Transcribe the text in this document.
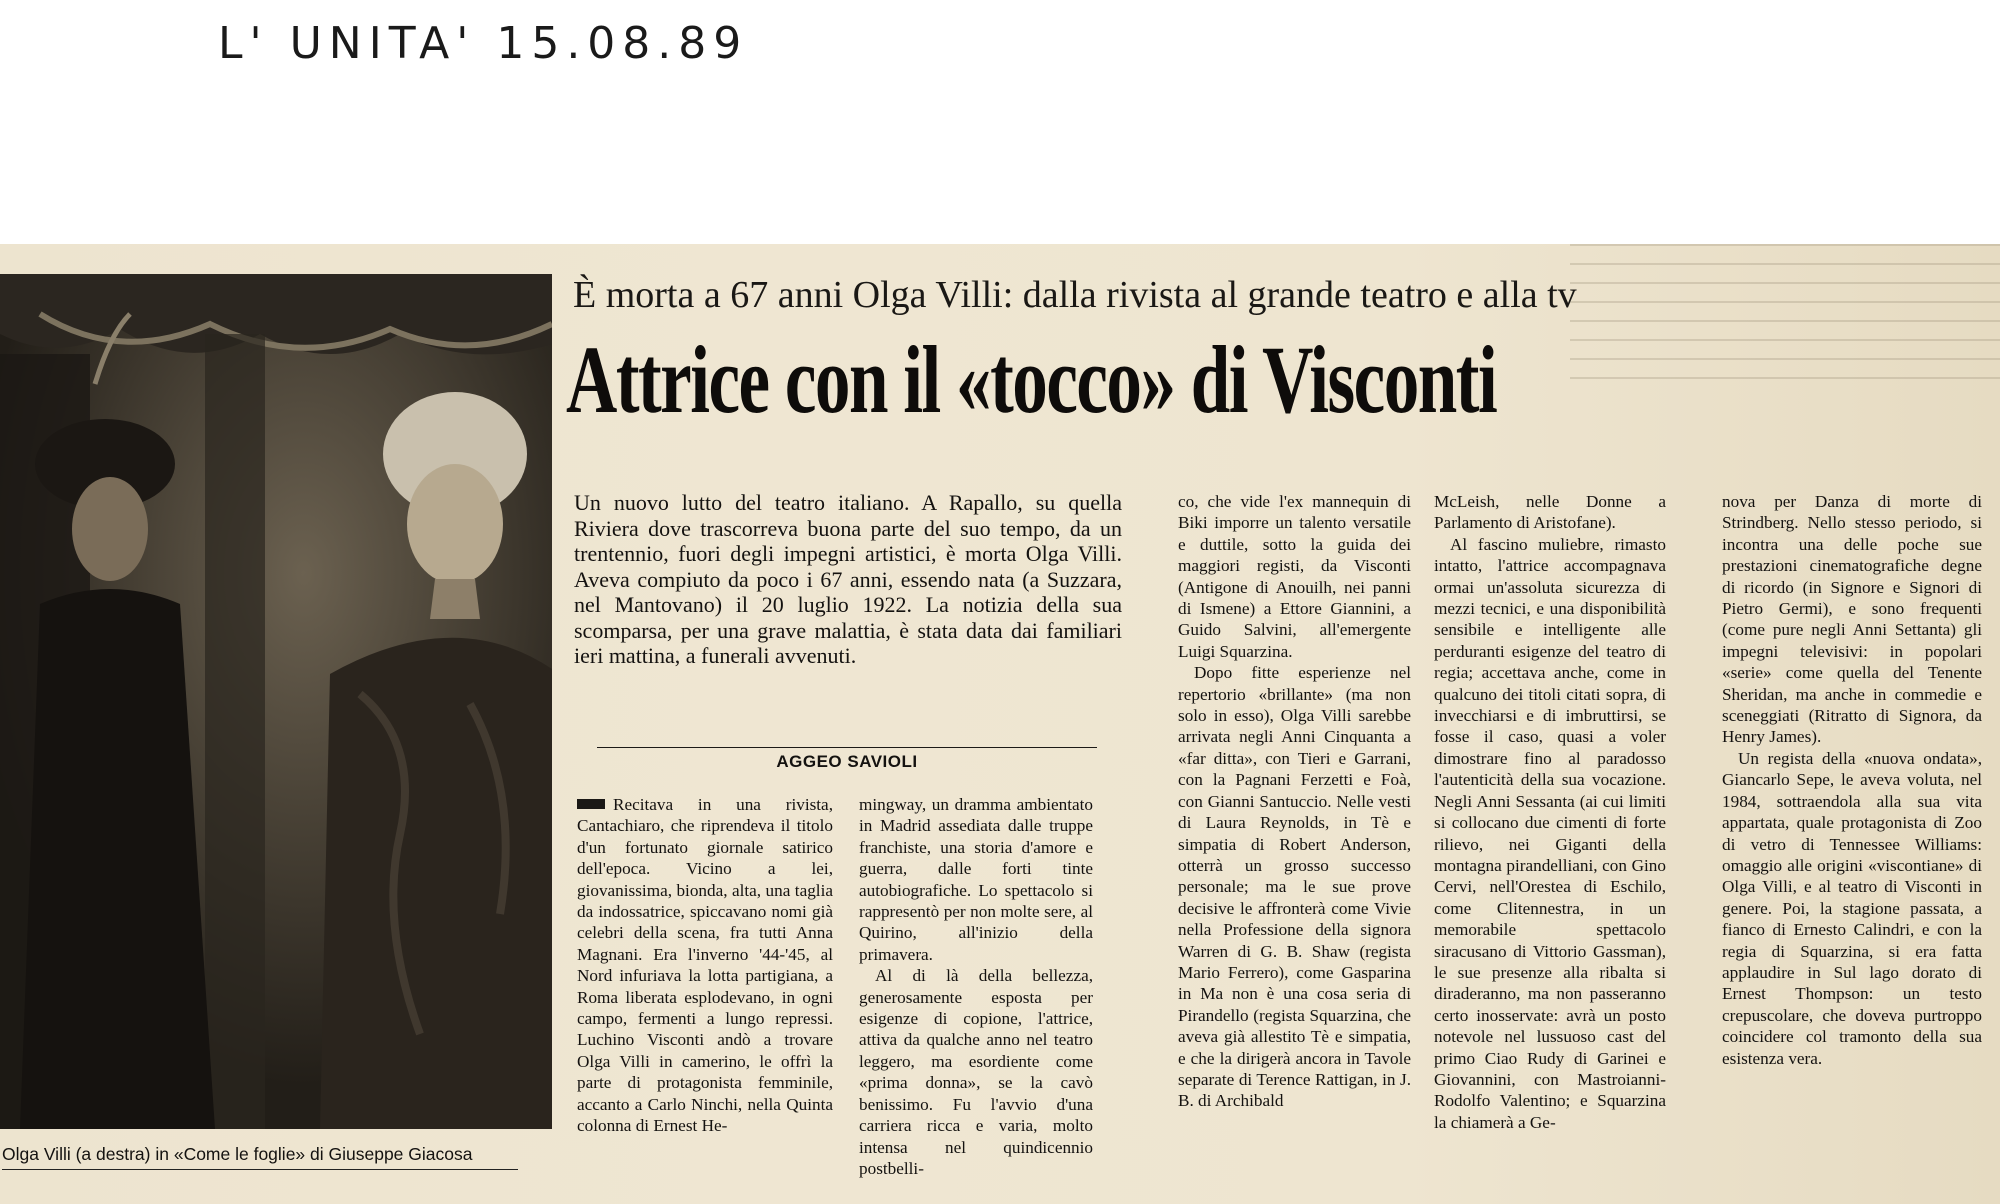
L' UNITA' 15.08.89
Olga Villi (a destra) in «Come le foglie» di Giuseppe Giacosa
È morta a 67 anni Olga Villi: dalla rivista al grande teatro e alla tv
Attrice con il «tocco» di Visconti
Un nuovo lutto del teatro italiano. A Rapallo, su quella Riviera dove trascorreva buona parte del suo tempo, da un trentennio, fuori degli impegni artistici, è morta Olga Villi. Aveva compiuto da poco i 67 anni, essendo nata (a Suzzara, nel Mantovano) il 20 luglio 1922. La notizia della sua scomparsa, per una grave malattia, è stata data dai familiari ieri mattina, a funerali avvenuti.
AGGEO SAVIOLI

Recitava in una rivista, Cantachiaro, che riprendeva il titolo d'un fortunato giornale satirico dell'epoca. Vicino a lei, giovanissima, bionda, alta, una taglia da indossatrice, spiccavano nomi già celebri della scena, fra tutti Anna Magnani. Era l'inverno '44-'45, al Nord infuriava la lotta partigiana, a Roma liberata esplodevano, in ogni campo, fermenti a lungo repressi. Luchino Visconti andò a trovare Olga Villi in camerino, le offrì la parte di protagonista femminile, accanto a Carlo Ninchi, nella Quinta colonna di Ernest He-

mingway, un dramma ambientato in Madrid assediata dalle truppe franchiste, una storia d'amore e guerra, dalle forti tinte autobiografiche. Lo spettacolo si rappresentò per non molte sere, al Quirino, all'inizio della primavera.

Al di là della bellezza, generosamente esposta per esigenze di copione, l'attrice, attiva da qualche anno nel teatro leggero, ma esordiente come «prima donna», se la cavò benissimo. Fu l'avvio d'una carriera ricca e varia, molto intensa nel quindicennio postbelli-

co, che vide l'ex mannequin di Biki imporre un talento versatile e duttile, sotto la guida dei maggiori registi, da Visconti (Antigone di Anouilh, nei panni di Ismene) a Ettore Giannini, a Guido Salvini, all'emergente Luigi Squarzina.

Dopo fitte esperienze nel repertorio «brillante» (ma non solo in esso), Olga Villi sarebbe arrivata negli Anni Cinquanta a «far ditta», con Tieri e Garrani, con la Pagnani Ferzetti e Foà, con Gianni Santuccio. Nelle vesti di Laura Reynolds, in Tè e simpatia di Robert Anderson, otterrà un grosso successo personale; ma le sue prove decisive le affronterà come Vivie nella Professione della signora Warren di G. B. Shaw (regista Mario Ferrero), come Gasparina in Ma non è una cosa seria di Pirandello (regista Squarzina, che aveva già allestito Tè e simpatia, e che la dirigerà ancora in Tavole separate di Terence Rattigan, in J. B. di Archibald

McLeish, nelle Donne a Parlamento di Aristofane).

Al fascino muliebre, rimasto intatto, l'attrice accompagnava ormai un'assoluta sicurezza di mezzi tecnici, e una disponibilità sensibile e intelligente alle perduranti esigenze del teatro di regia; accettava anche, come in qualcuno dei titoli citati sopra, di invecchiarsi e di imbruttirsi, se fosse il caso, quasi a voler dimostrare fino al paradosso l'autenticità della sua vocazione. Negli Anni Sessanta (ai cui limiti si collocano due cimenti di forte rilievo, nei Giganti della montagna pirandelliani, con Gino Cervi, nell'Orestea di Eschilo, come Clitennestra, in un memorabile spettacolo siracusano di Vittorio Gassman), le sue presenze alla ribalta si diraderanno, ma non passeranno certo inosservate: avrà un posto notevole nel lussuoso cast del primo Ciao Rudy di Garinei e Giovannini, con Mastroianni-Rodolfo Valentino; e Squarzina la chiamerà a Ge-

nova per Danza di morte di Strindberg. Nello stesso periodo, si incontra una delle poche sue prestazioni cinematografiche degne di ricordo (in Signore e Signori di Pietro Germi), e sono frequenti (come pure negli Anni Settanta) gli impegni televisivi: in popolari «serie» come quella del Tenente Sheridan, ma anche in commedie e sceneggiati (Ritratto di Signora, da Henry James).

Un regista della «nuova ondata», Giancarlo Sepe, le aveva voluta, nel 1984, sottraendola alla sua vita appartata, quale protagonista di Zoo di vetro di Tennessee Williams: omaggio alle origini «viscontiane» di Olga Villi, e al teatro di Visconti in genere. Poi, la stagione passata, a fianco di Ernesto Calindri, e con la regia di Squarzina, si era fatta applaudire in Sul lago dorato di Ernest Thompson: un testo crepuscolare, che doveva purtroppo coincidere col tramonto della sua esistenza vera.
